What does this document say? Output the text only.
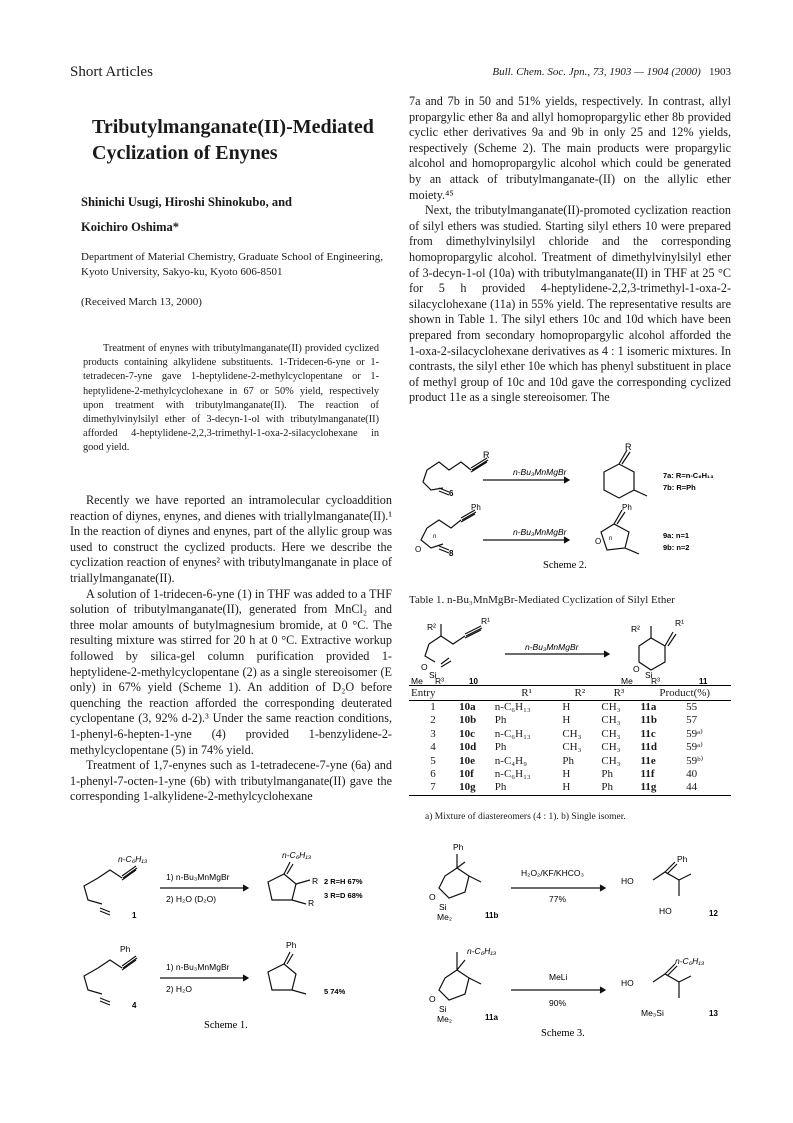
Short Articles	Bull. Chem. Soc. Jpn., 73, 1903 — 1904 (2000) 1903
Tributylmanganate(II)-Mediated Cyclization of Enynes
Shinichi Usugi, Hiroshi Shinokubo, and
Koichiro Oshima*
Department of Material Chemistry, Graduate School of Engineering, Kyoto University, Sakyo-ku, Kyoto 606-8501
(Received March 13, 2000)
Treatment of enynes with tributylmanganate(II) provided cyclized products containing alkylidene substituents. 1-Tridecen-6-yne or 1-tetradecen-7-yne gave 1-heptylidene-2-methylcyclopentane or 1-heptylidene-2-methylcyclohexane in 67 or 50% yield, respectively upon treatment with tributylmanganate(II). The reaction of dimethylvinylsilyl ether of 3-decyn-1-ol with tributylmanganate(II) afforded 4-heptylidene-2,2,3-trimethyl-1-oxa-2-silacyclohexane in good yield.

Recently we have reported an intramolecular cycloaddition reaction of diynes, enynes, and dienes with triallylmanganate(II).¹ In the reaction of diynes and enynes, part of the allylic group was used to construct the cyclized products. Here we describe the cyclization reaction of enynes² with tributylmanganate in place of triallylmanganate(II).

A solution of 1-tridecen-6-yne (1) in THF was added to a THF solution of tributylmanganate(II), generated from MnCl₂ and three molar amounts of butylmagnesium bromide, at 0 °C. The resulting mixture was stirred for 20 h at 0 °C. Extractive workup followed by silica-gel column purification provided 1-heptylidene-2-methylcyclopentane (2) as a single stereoisomer (E only) in 67% yield (Scheme 1). An addition of D₂O before quenching the reaction afforded the corresponding deuterated cyclopentane (3, 92% d-2).³ Under the same reaction conditions, 1-phenyl-6-hepten-1-yne (4) provided 1-benzylidene-2-methylcyclopentane (5) in 74% yield.

Treatment of 1,7-enynes such as 1-tetradecene-7-yne (6a) and 1-phenyl-7-octen-1-yne (6b) with tributylmanganate(II) gave the corresponding 1-alkylidene-2-methylcyclohexane

7a and 7b in 50 and 51% yields, respectively. In contrast, allyl propargylic ether 8a and allyl homopropargylic ether 8b provided cyclic ether derivatives 9a and 9b in only 25 and 12% yields, respectively (Scheme 2). The main products were propargylic alcohol and homopropargylic alcohol which could be generated by an attack of tributylmanganate-(II) on the allylic ether moiety.⁴⁵

Next, the tributylmanganate(II)-promoted cyclization reaction of silyl ethers was studied. Starting silyl ethers 10 were prepared from dimethylvinylsilyl chloride and the corresponding homopropargylic alcohol. Treatment of dimethylvinylsilyl ether of 3-decyn-1-ol (10a) with tributylmanganate(II) in THF at 25 °C for 5 h provided 4-heptylidene-2,2,3-trimethyl-1-oxa-2-silacyclohexane (11a) in 55% yield. The representative results are shown in Table 1. The silyl ethers 10c and 10d which have been prepared from secondary homopropargylic alcohol afforded the 1-oxa-2-silacyclohexane derivatives as 4 : 1 isomeric mixtures. In contrasts, the silyl ether 10e which has phenyl substituent in place of methyl group of 10c and 10d gave the corresponding cyclized product 11e as a single stereoisomer. The

n-Bu₃MnMgBr
n-Bu₃MnMgBr
R
R
6
Ph	Ph
O
O
n	n
8
7a: R=n-C₆H₁₃
7b: R=Ph
9a: n=1
9b: n=2
Scheme 2.
Table 1. n-Bu₃MnMgBr-Mediated Cyclization of Silyl Ether
R²
R¹
O
Si
Me R³	10
n-Bu₃MnMgBr
R²
R¹
O
Si
Me R³	11
Entry		R¹	R²	R³	Product(%)	
1	10a	n-C₆H₁₃	H	CH₃	11a	55
2	10b	Ph	H	CH₃	11b	57
3	10c	n-C₆H₁₃	CH₃	CH₃	11c	59ᵃ⁾
4	10d	Ph	CH₃	CH₃	11d	59ᵃ⁾
5	10e	n-C₄H₉	Ph	CH₃	11e	59ᵇ⁾
6	10f	n-C₆H₁₃	H	Ph	11f	40
7	10g	Ph	H	Ph	11g	44
a) Mixture of diastereomers (4 : 1). b) Single isomer.
n-C₆H₁₃	n-C₆H₁₃
1) n-Bu₃MnMgBr
2) H₂O (D₂O)
R
R
2 R=H 67%
3 R=D 68%
1
Ph	Ph
1) n-Bu₃MnMgBr
2) H₂O
4
5 74%
Scheme 1.
Ph
Ph
H₂O₂/KF/KHCO₃
77%
O
Si
Me₂	11b
HO
HO	12
n-C₆H₁₃
n-C₆H₁₃
MeLi
90%
O
Si
Me₂	11a
HO
Me₃Si	13
Scheme 3.
